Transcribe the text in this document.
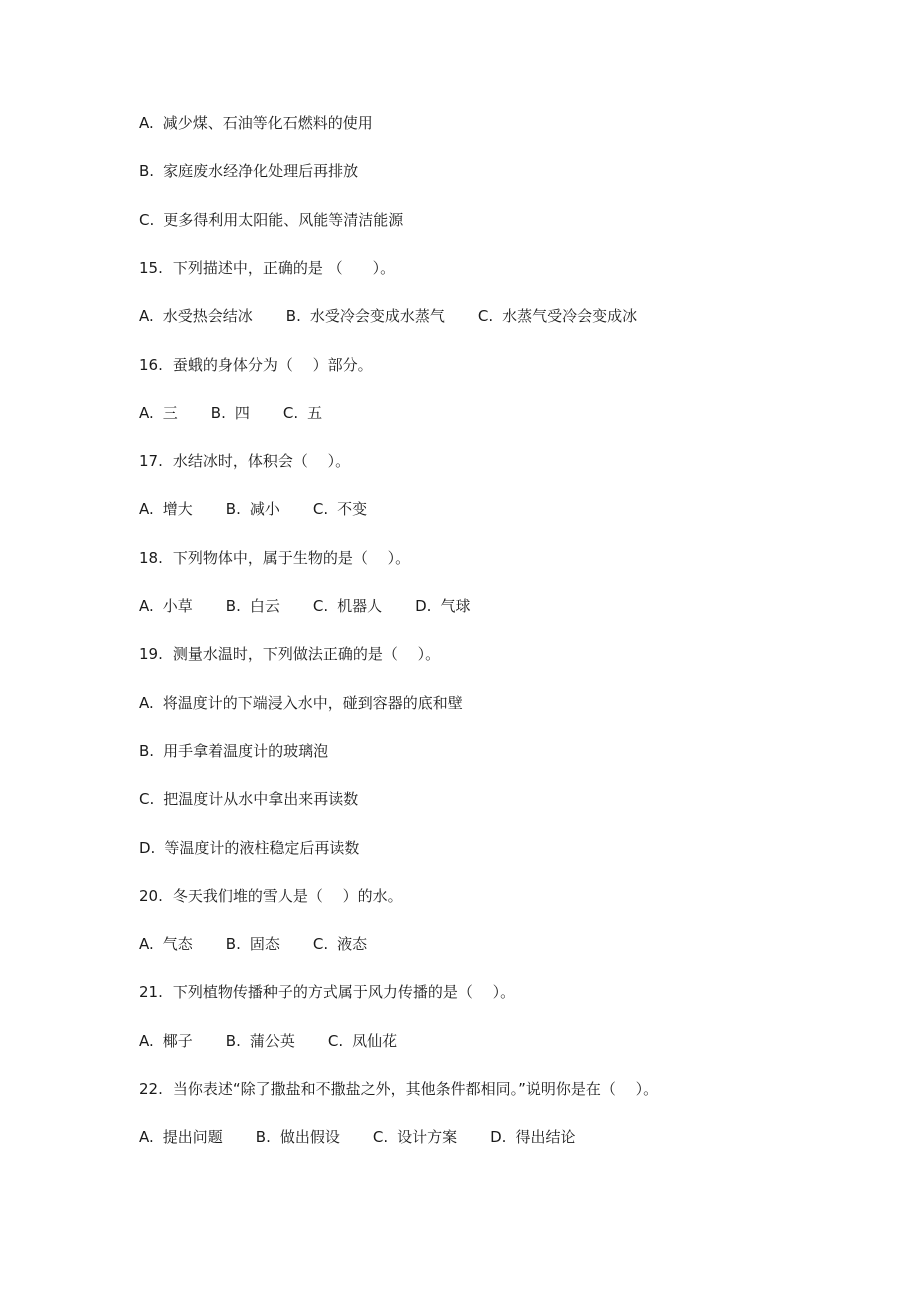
A. 减少煤、石油等化石燃料的使用
B. 家庭废水经净化处理后再排放
C. 更多得利用太阳能、风能等清洁能源
15. 下列描述中，正确的是 （　　）。
A. 水受热会结冰 B. 水受冷会变成水蒸气 C. 水蒸气受冷会变成冰
16. 蚕蛾的身体分为（　 ）部分。
A. 三 B. 四 C. 五
17. 水结冰时，体积会（　 ）。
A. 增大 B. 减小 C. 不变
18. 下列物体中，属于生物的是（　 ）。
A. 小草 B. 白云 C. 机器人 D. 气球
19. 测量水温时，下列做法正确的是（　 ）。
A. 将温度计的下端浸入水中，碰到容器的底和壁
B. 用手拿着温度计的玻璃泡
C. 把温度计从水中拿出来再读数
D. 等温度计的液柱稳定后再读数
20. 冬天我们堆的雪人是（　 ）的水。
A. 气态 B. 固态 C. 液态
21. 下列植物传播种子的方式属于风力传播的是（　 ）。
A. 椰子 B. 蒲公英 C. 凤仙花
22. 当你表述“除了撒盐和不撒盐之外，其他条件都相同。”说明你是在（　 ）。
A. 提出问题 B. 做出假设 C. 设计方案 D. 得出结论
